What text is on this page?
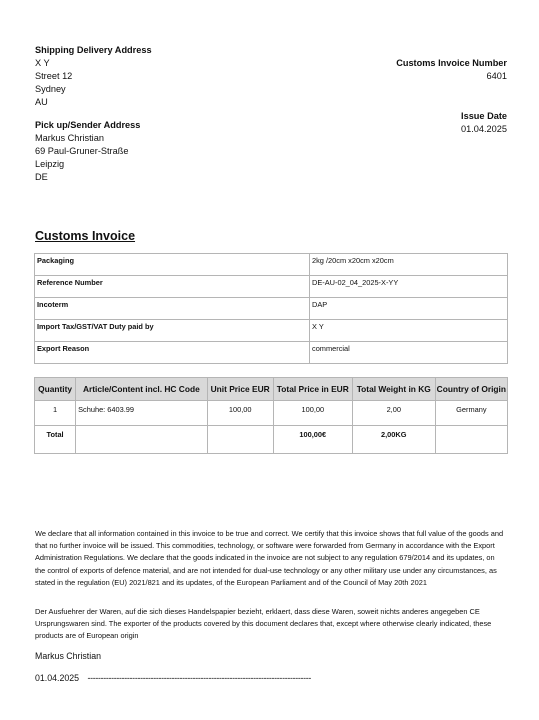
Shipping Delivery Address
X Y
Street 12
Sydney
AU
Pick up/Sender Address
Markus Christian
69 Paul-Gruner-Straße
Leipzig
DE
Customs Invoice Number
6401
Issue Date
01.04.2025
Customs Invoice
Packaging	2kg /20cm x20cm x20cm
Reference Number	DE-AU-02_04_2025-X-YY
Incoterm	DAP
Import Tax/GST/VAT Duty paid by	X Y
Export Reason	commercial
Quantity	Article/Content incl. HC Code	Unit Price EUR	Total Price in EUR	Total Weight in KG	Country of Origin
1	Schuhe: 6403.99	100,00	100,00	2,00	Germany
Total			100,00€	2,00KG	
We declare that all information contained in this invoice to be true and correct. We certify that this invoice shows that full value of the goods and that no further invoice will be issued. This commodities, technology, or software were forwarded from Germany in accordance with the Export Administration Regulations. We declare that the goods indicated in the invoice are not subject to any regulation 679/2014 and its updates, on the control of exports of defence material, and are not intended for dual-use technology or any other military use under any circumstances, as stated in the regulation (EU) 2021/821 and its updates, of the European Parliament and of the Council of May 20th 2021
Der Ausfuehrer der Waren, auf die sich dieses Handelspapier bezieht, erklaert, dass diese Waren, soweit nichts anderes angegeben CE Ursprungswaren sind. The exporter of the products covered by this document declares that, except where otherwise clearly indicated, these products are of European origin
Markus Christian
01.04.2025 -------------------------------------------------------------------------------------
